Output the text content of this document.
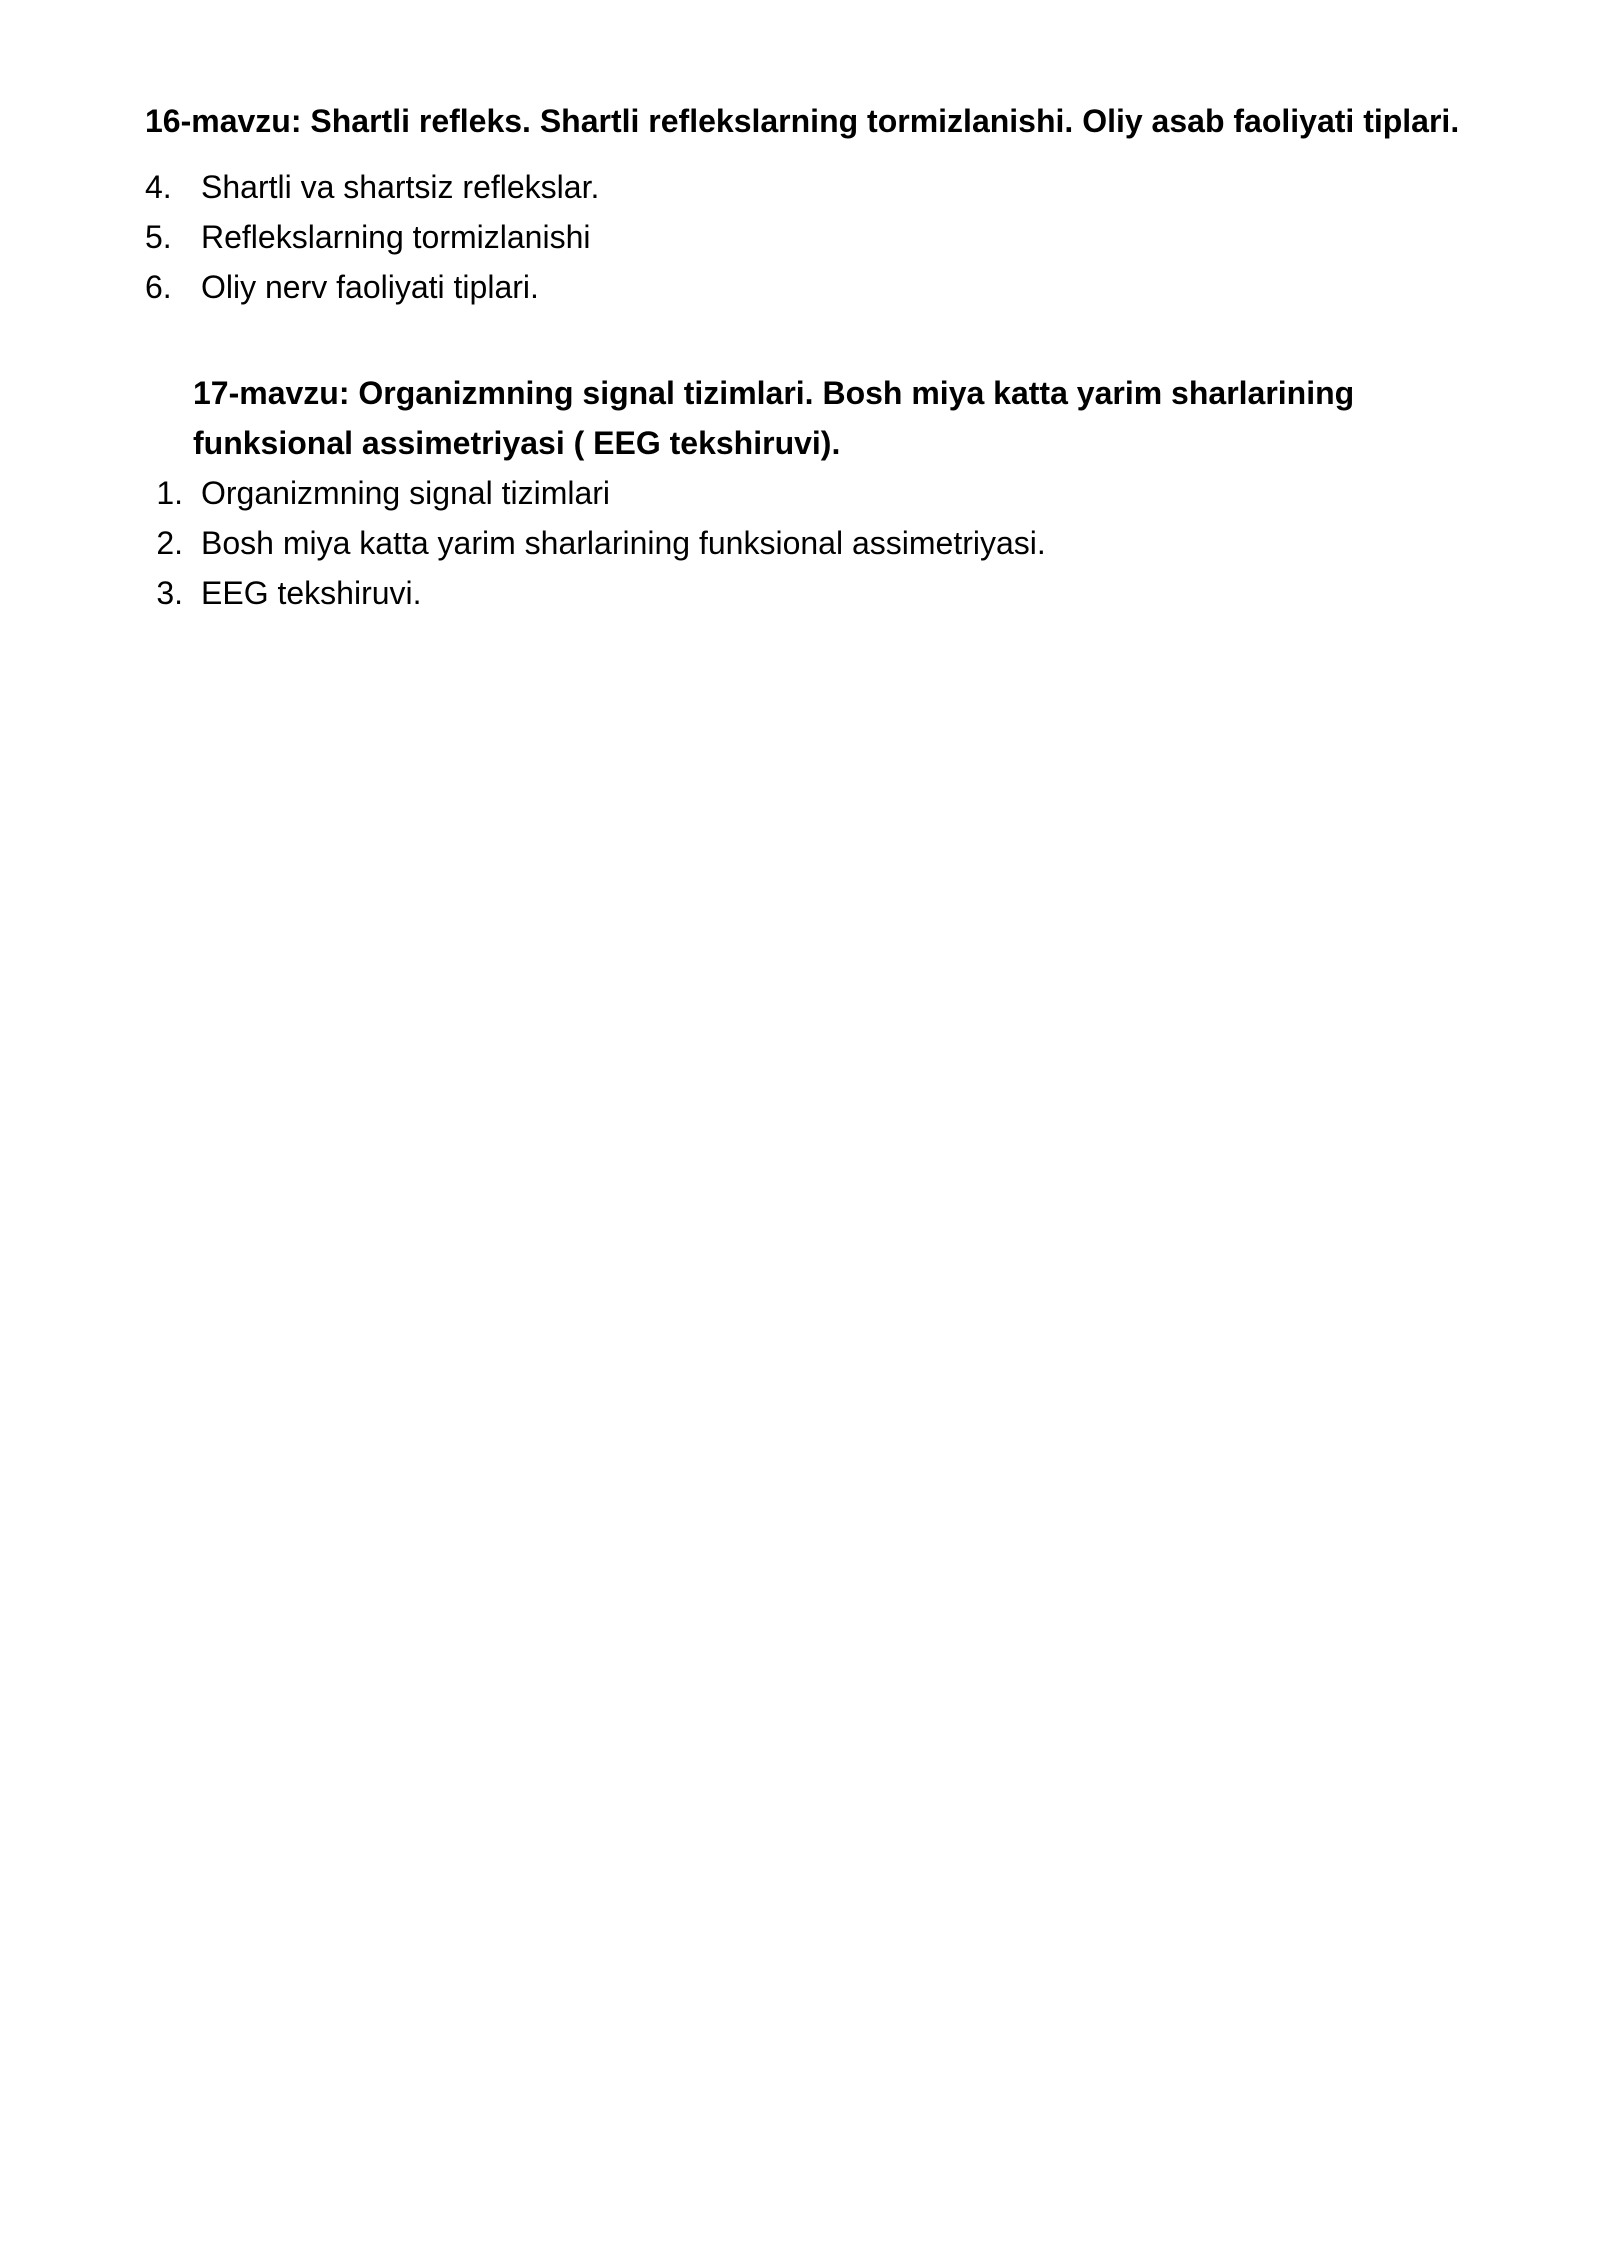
16-mavzu: Shartli refleks. Shartli reflekslarning tormizlanishi. Oliy asab faoliyati tiplari.

4. Shartli va shartsiz reflekslar.
5. Reflekslarning tormizlanishi
6. Oliy nerv faoliyati tiplari.

17-mavzu: Organizmning signal tizimlari. Bosh miya katta yarim sharlarining
funksional assimetriyasi ( EEG tekshiruvi).

1. Organizmning signal tizimlari
2. Bosh miya katta yarim sharlarining funksional assimetriyasi.
3. EEG tekshiruvi.
